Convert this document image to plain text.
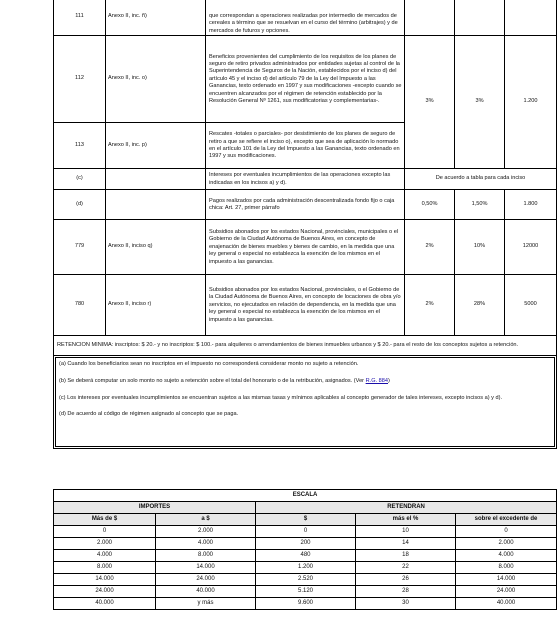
111	Anexo II, inc. ñ)	que correspondan a operaciones realizadas por intermedio de mercados de cereales a término que se resuelvan en el curso del término (arbitrajes) y de mercados de futuros y opciones.			
112	Anexo II, inc. o)	Beneficios provenientes del cumplimiento de los requisitos de los planes de seguro de retiro privados administrados por entidades sujetas al control de la Superintendencia de Seguros de la Nación, establecidos por el inciso d) del artículo 45 y el inciso d) del artículo 79 de la Ley del Impuesto a las Ganancias, texto ordenado en 1997 y sus modificaciones -excepto cuando se encuentren alcanzados por el régimen de retención establecido por la Resolución General Nº 1261, sus modificatorias y complementarias-.	3%	3%	1.200
113	Anexo II, inc. p)	Rescates -totales o parciales- por desistimiento de los planes de seguro de retiro a que se refiere el inciso o), excepto que sea de aplicación lo normado en el artículo 101 de la Ley del Impuesto a las Ganancias, texto ordenado en 1997 y sus modificaciones.			
(c)		Intereses por eventuales incumplimientos de las operaciones excepto las indicadas en los incisos a) y d).	De acuerdo a tabla para cada inciso		
(d)		Pagos realizados por cada administración descentralizada fondo fijo o caja chica: Art. 27, primer párrafo	0,50%	1,50%	1.800
779	Anexo II, inciso q)	Subsidios abonados por los estados Nacional, provinciales, municipales o el Gobierno de la Ciudad Autónoma de Buenos Aires, en concepto de enajenación de bienes muebles y bienes de cambio, en la medida que una ley general o especial no establezca la exención de los mismos en el impuesto a las ganancias.	2%	10%	12000
780	Anexo II, inciso r)	Subsidios abonados por los estados Nacional, provinciales, o el Gobierno de la Ciudad Autónoma de Buenos Aires, en concepto de locaciones de obra y/o servicios, no ejecutados en relación de dependencia, en la medida que una ley general o especial no establezca la exención de los mismos en el impuesto a las ganancias.	2%	28%	5000
RETENCION MINIMA: inscriptos: $ 20.- y no inscriptos: $ 100.- para alquileres o arrendamientos de bienes inmuebles urbanos y $ 20.- para el resto de los conceptos sujetos a retención.					

(a) Cuando los beneficiarios sean no inscriptos en el impuesto no corresponderá considerar monto no sujeto a retención.
(b) Se deberá computar un solo monto no sujeto a retención sobre el total del honorario o de la retribución, asignados. (Ver R.G. 884)
(c) Los intereses por eventuales incumplimientos se encuentran sujetos a las mismas tasas y mínimos aplicables al concepto generador de tales intereses, excepto incisos a) y d).
(d) De acuerdo al código de régimen asignado al concepto que se paga.					
ESCALA				
IMPORTES		RETENDRAN		
Más de $	a $	$	más el %	sobre el excedente de
0	2.000	0	10	0
2.000	4.000	200	14	2.000
4.000	8.000	480	18	4.000
8.000	14.000	1.200	22	8.000
14.000	24.000	2.520	26	14.000
24.000	40.000	5.120	28	24.000
40.000	y más	9.600	30	40.000
